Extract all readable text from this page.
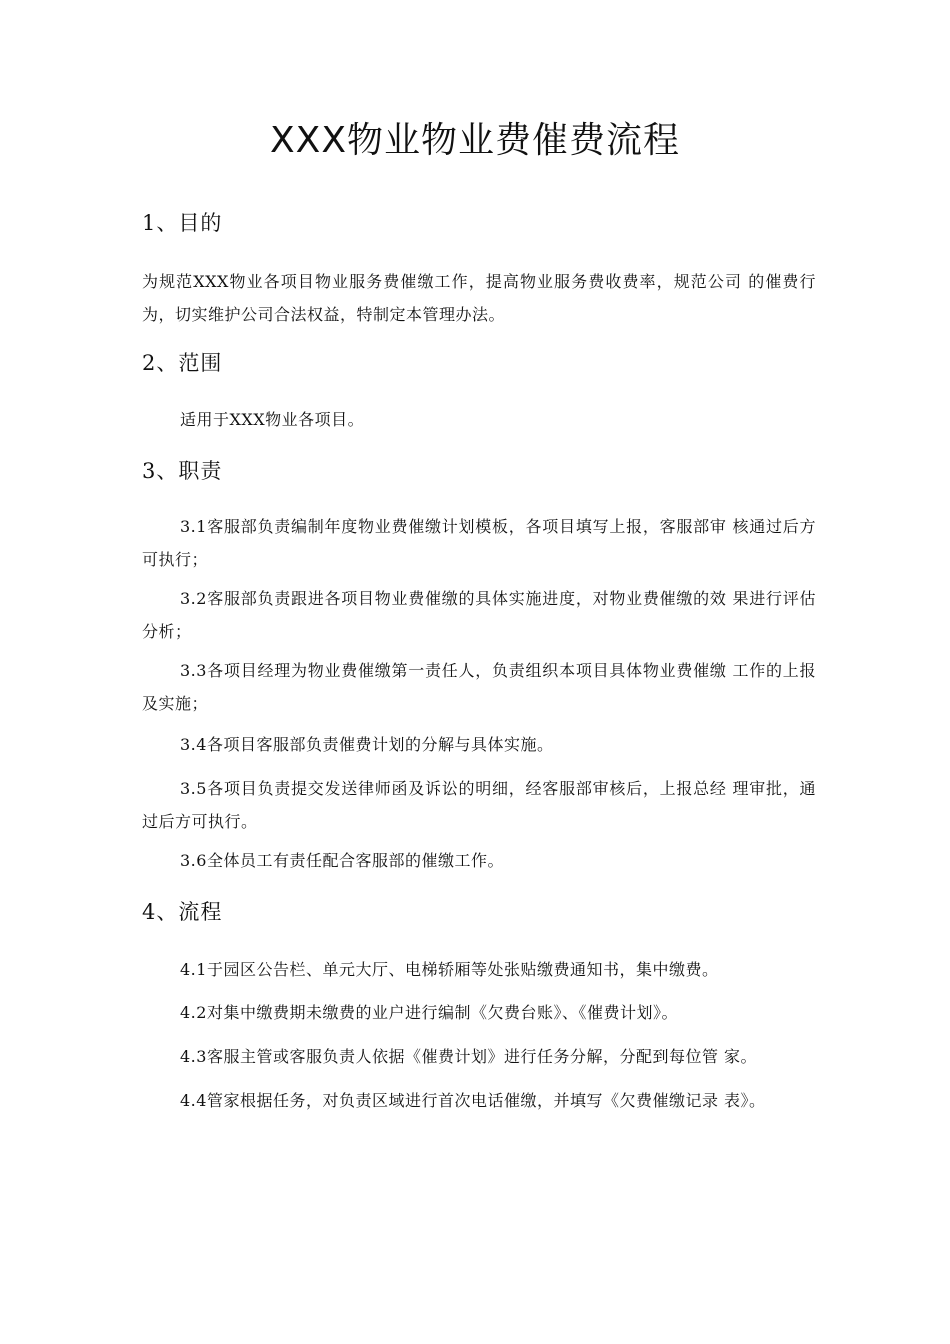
XXX物业物业费催费流程
1、目的

为规范XXX物业各项目物业服务费催缴工作，提高物业服务费收费率，规范公司 的催费行为，切实维护公司合法权益，特制定本管理办法。

2、范围

适用于XXX物业各项目。

3、职责

3.1客服部负责编制年度物业费催缴计划模板，各项目填写上报，客服部审 核通过后方可执行；

3.2客服部负责跟进各项目物业费催缴的具体实施进度，对物业费催缴的效 果进行评估分析；

3.3各项目经理为物业费催缴第一责任人，负责组织本项目具体物业费催缴 工作的上报及实施；

3.4各项目客服部负责催费计划的分解与具体实施。

3.5各项目负责提交发送律师函及诉讼的明细，经客服部审核后，上报总经 理审批，通过后方可执行。

3.6全体员工有责任配合客服部的催缴工作。

4、流程

4.1于园区公告栏、单元大厅、电梯轿厢等处张贴缴费通知书，集中缴费。

4.2对集中缴费期未缴费的业户进行编制《欠费台账》、《催费计划》。

4.3客服主管或客服负责人依据《催费计划》进行任务分解，分配到每位管 家。

4.4管家根据任务，对负责区域进行首次电话催缴，并填写《欠费催缴记录 表》。
